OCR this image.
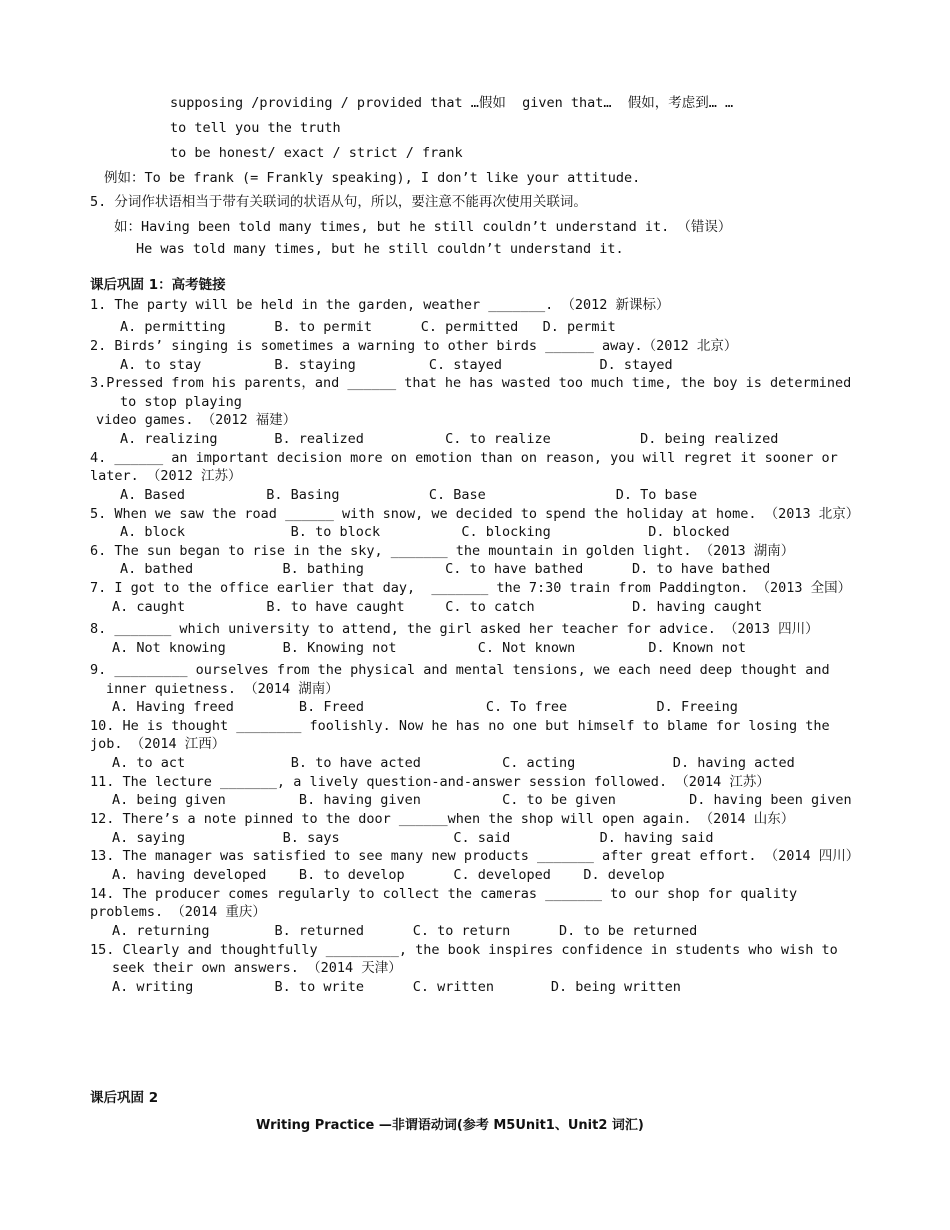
supposing /providing / provided that …假如  given that…  假如，考虑到… …
to tell you the truth
to be honest/ exact / strict / frank
例如：To be frank (= Frankly speaking), I don’t like your attitude.
5. 分词作状语相当于带有关联词的状语从句，所以，要注意不能再次使用关联词。
如：Having been told many times, but he still couldn’t understand it. （错误）
He was told many times, but he still couldn’t understand it.
课后巩固 1：高考链接
1. The party will be held in the garden, weather _______. （2012 新课标）
A. permitting      B. to permit      C. permitted   D. permit
2. Birds’ singing is sometimes a warning to other birds ______ away.（2012 北京）
A. to stay         B. staying         C. stayed            D. stayed
3.Pressed from his parents，and ______ that he has wasted too much time, the boy is determined
to stop playing
video games. （2012 福建）
A. realizing       B. realized          C. to realize           D. being realized
4. ______ an important decision more on emotion than on reason, you will regret it sooner or
later. （2012 江苏）
A. Based          B. Basing           C. Base                D. To base
5. When we saw the road ______ with snow, we decided to spend the holiday at home. （2013 北京）
A. block             B. to block          C. blocking            D. blocked
6. The sun began to rise in the sky, _______ the mountain in golden light. （2013 湖南）
A. bathed           B. bathing          C. to have bathed      D. to have bathed
7. I got to the office earlier that day,  _______ the 7:30 train from Paddington. （2013 全国）
A. caught          B. to have caught     C. to catch            D. having caught
8. _______ which university to attend, the girl asked her teacher for advice. （2013 四川）
A. Not knowing       B. Knowing not          C. Not known         D. Known not
9. _________ ourselves from the physical and mental tensions, we each need deep thought and
inner quietness. （2014 湖南）
A. Having freed        B. Freed               C. To free           D. Freeing
10. He is thought ________ foolishly. Now he has no one but himself to blame for losing the
job. （2014 江西）
A. to act             B. to have acted          C. acting            D. having acted
11. The lecture _______, a lively question-and-answer session followed. （2014 江苏）
A. being given         B. having given          C. to be given         D. having been given
12. There’s a note pinned to the door ______when the shop will open again. （2014 山东）
A. saying            B. says              C. said           D. having said
13. The manager was satisfied to see many new products _______ after great effort. （2014 四川）
A. having developed    B. to develop      C. developed    D. develop
14. The producer comes regularly to collect the cameras _______ to our shop for quality
problems. （2014 重庆）
A. returning        B. returned      C. to return      D. to be returned
15. Clearly and thoughtfully _________, the book inspires confidence in students who wish to
seek their own answers. （2014 天津）
A. writing          B. to write      C. written       D. being written
课后巩固 2
Writing Practice —非谓语动词(参考 M5Unit1、Unit2 词汇)
